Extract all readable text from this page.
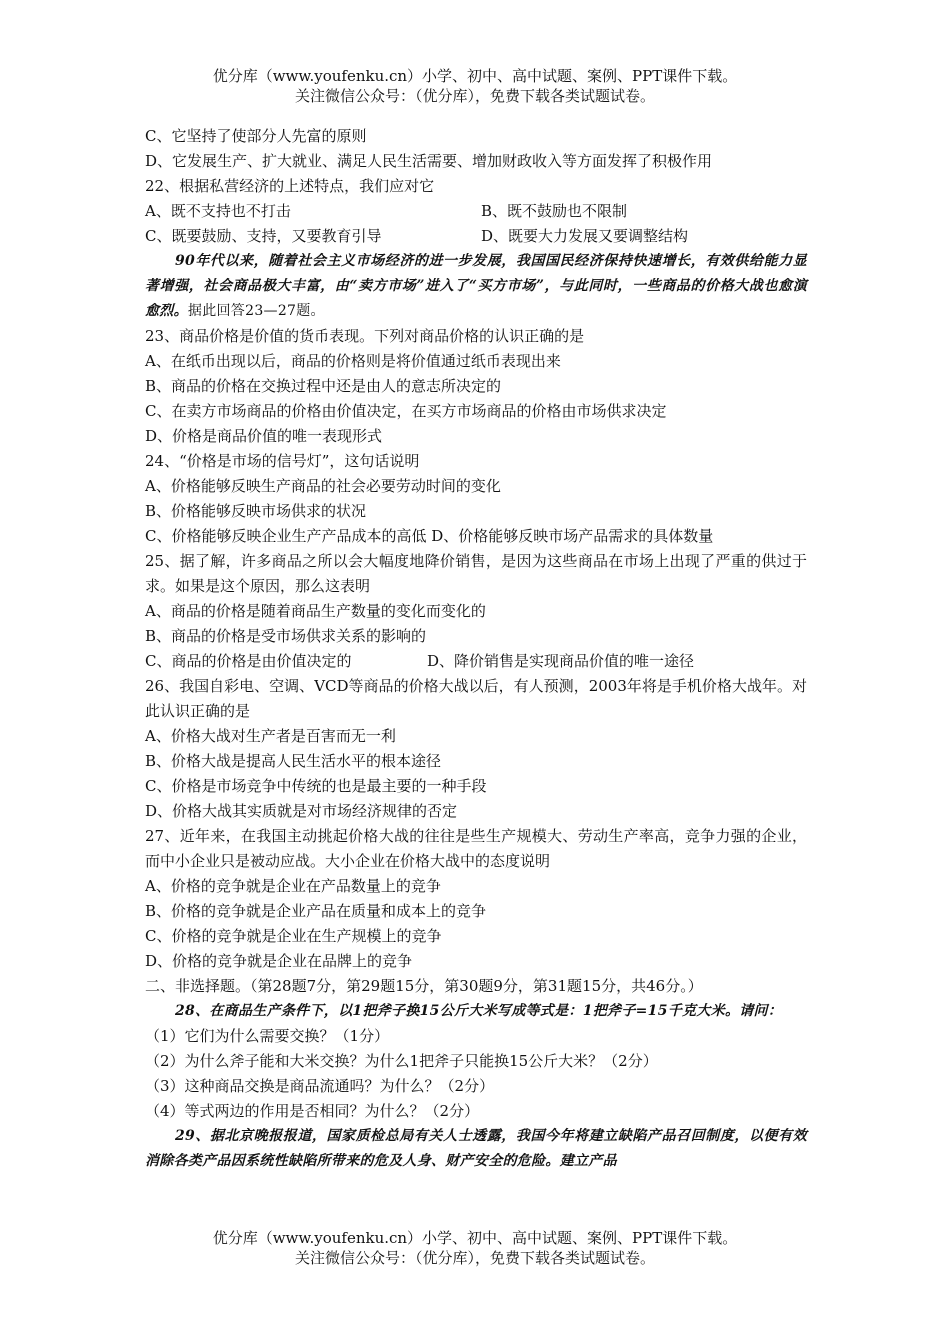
优分库（www.youfenku.cn）小学、初中、高中试题、案例、PPT课件下载。
关注微信公众号：（优分库），免费下载各类试题试卷。
C、它坚持了使部分人先富的原则
D、它发展生产、扩大就业、满足人民生活需要、增加财政收入等方面发挥了积极作用
22、根据私营经济的上述特点，我们应对它
A、既不支持也不打击	B、既不鼓励也不限制
C、既要鼓励、支持，又要教育引导	D、既要大力发展又要调整结构
90年代以来，随着社会主义市场经济的进一步发展，我国国民经济保持快速增长，有效供给能力显著增强，社会商品极大丰富，由“卖方市场”进入了“买方市场”，与此同时，一些商品的价格大战也愈演愈烈。据此回答23—27题。
23、商品价格是价值的货币表现。下列对商品价格的认识正确的是
A、在纸币出现以后，商品的价格则是将价值通过纸币表现出来
B、商品的价格在交换过程中还是由人的意志所决定的
C、在卖方市场商品的价格由价值决定，在买方市场商品的价格由市场供求决定
D、价格是商品价值的唯一表现形式
24、“价格是市场的信号灯”，这句话说明
A、价格能够反映生产商品的社会必要劳动时间的变化
B、价格能够反映市场供求的状况
C、价格能够反映企业生产产品成本的高低 D、价格能够反映市场产品需求的具体数量
25、据了解，许多商品之所以会大幅度地降价销售，是因为这些商品在市场上出现了严重的供过于求。如果是这个原因，那么这表明
A、商品的价格是随着商品生产数量的变化而变化的
B、商品的价格是受市场供求关系的影响的
C、商品的价格是由价值决定的	D、降价销售是实现商品价值的唯一途径
26、我国自彩电、空调、VCD等商品的价格大战以后，有人预测，2003年将是手机价格大战年。对此认识正确的是
A、价格大战对生产者是百害而无一利
B、价格大战是提高人民生活水平的根本途径
C、价格是市场竞争中传统的也是最主要的一种手段
D、价格大战其实质就是对市场经济规律的否定
27、近年来，在我国主动挑起价格大战的往往是些生产规模大、劳动生产率高，竞争力强的企业，而中小企业只是被动应战。大小企业在价格大战中的态度说明
A、价格的竞争就是企业在产品数量上的竞争
B、价格的竞争就是企业产品在质量和成本上的竞争
C、价格的竞争就是企业在生产规模上的竞争
D、价格的竞争就是企业在品牌上的竞争
二、非选择题。（第28题7分，第29题15分，第30题9分，第31题15分，共46分。）
28、在商品生产条件下，以1把斧子换15公斤大米写成等式是：1把斧子=15千克大米。请问：
（1）它们为什么需要交换？（1分）
（2）为什么斧子能和大米交换？为什么1把斧子只能换15公斤大米？（2分）
（3）这种商品交换是商品流通吗？为什么？（2分）
（4）等式两边的作用是否相同？为什么？（2分）
29、据北京晚报报道，国家质检总局有关人士透露，我国今年将建立缺陷产品召回制度，以便有效消除各类产品因系统性缺陷所带来的危及人身、财产安全的危险。建立产品
优分库（www.youfenku.cn）小学、初中、高中试题、案例、PPT课件下载。
关注微信公众号：（优分库），免费下载各类试题试卷。
